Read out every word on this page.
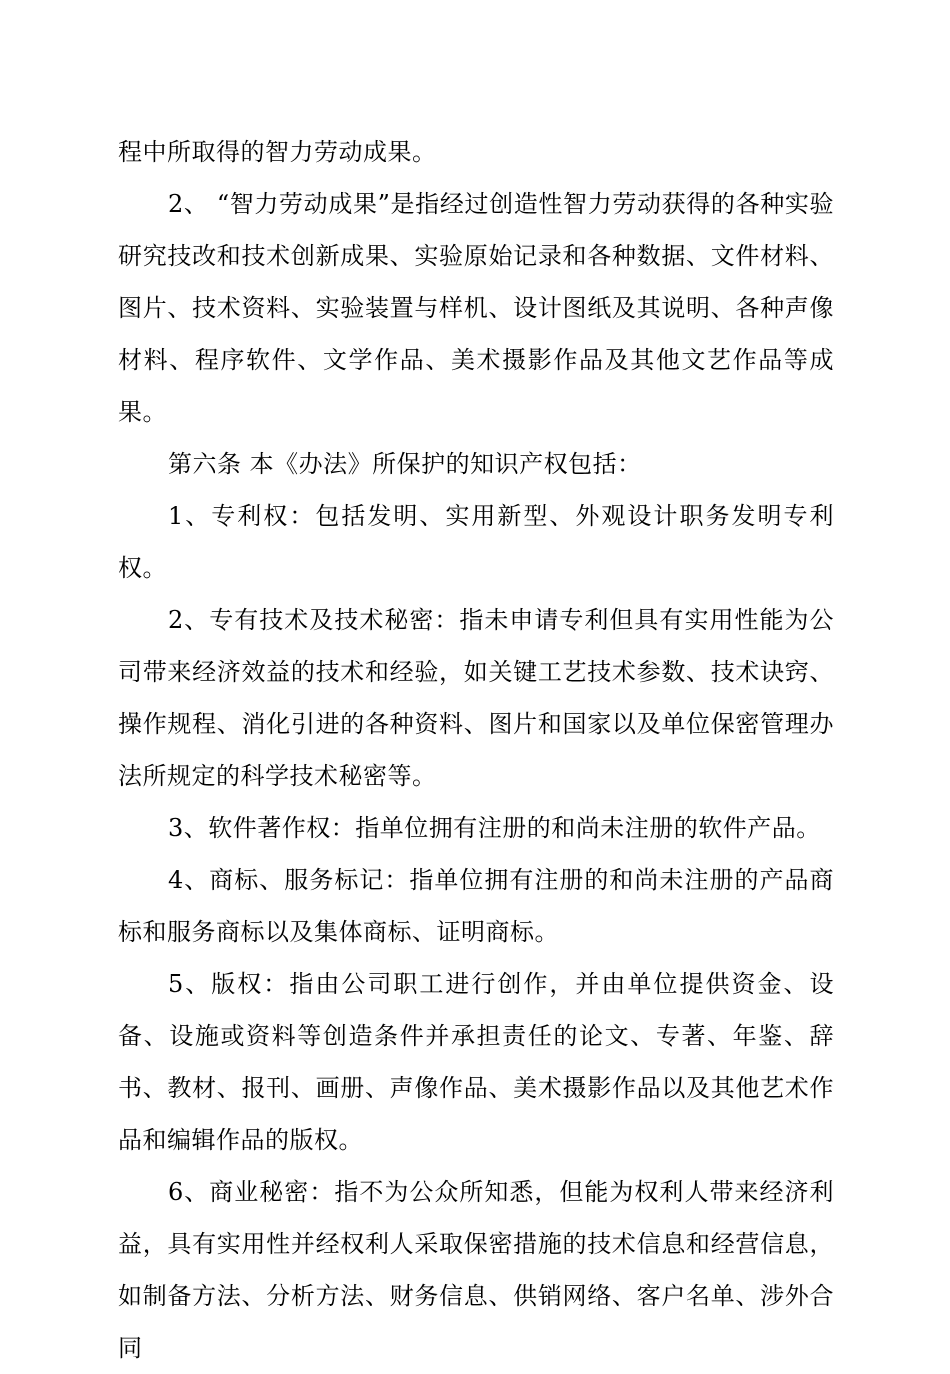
程中所取得的智力劳动成果。

2、 “智力劳动成果”是指经过创造性智力劳动获得的各种实验研究技改和技术创新成果、实验原始记录和各种数据、文件材料、图片、技术资料、实验装置与样机、设计图纸及其说明、各种声像材料、程序软件、文学作品、美术摄影作品及其他文艺作品等成果。

第六条 本《办法》所保护的知识产权包括：

1、专利权：包括发明、实用新型、外观设计职务发明专利权。

2、专有技术及技术秘密：指未申请专利但具有实用性能为公司带来经济效益的技术和经验，如关键工艺技术参数、技术诀窍、操作规程、消化引进的各种资料、图片和国家以及单位保密管理办法所规定的科学技术秘密等。

3、软件著作权：指单位拥有注册的和尚未注册的软件产品。

4、商标、服务标记：指单位拥有注册的和尚未注册的产品商标和服务商标以及集体商标、证明商标。

5、版权：指由公司职工进行创作，并由单位提供资金、设备、设施或资料等创造条件并承担责任的论文、专著、年鉴、辞书、教材、报刊、画册、声像作品、美术摄影作品以及其他艺术作品和编辑作品的版权。

6、商业秘密：指不为公众所知悉，但能为权利人带来经济利益，具有实用性并经权利人采取保密措施的技术信息和经营信息，如制备方法、分析方法、财务信息、供销网络、客户名单、涉外合同
